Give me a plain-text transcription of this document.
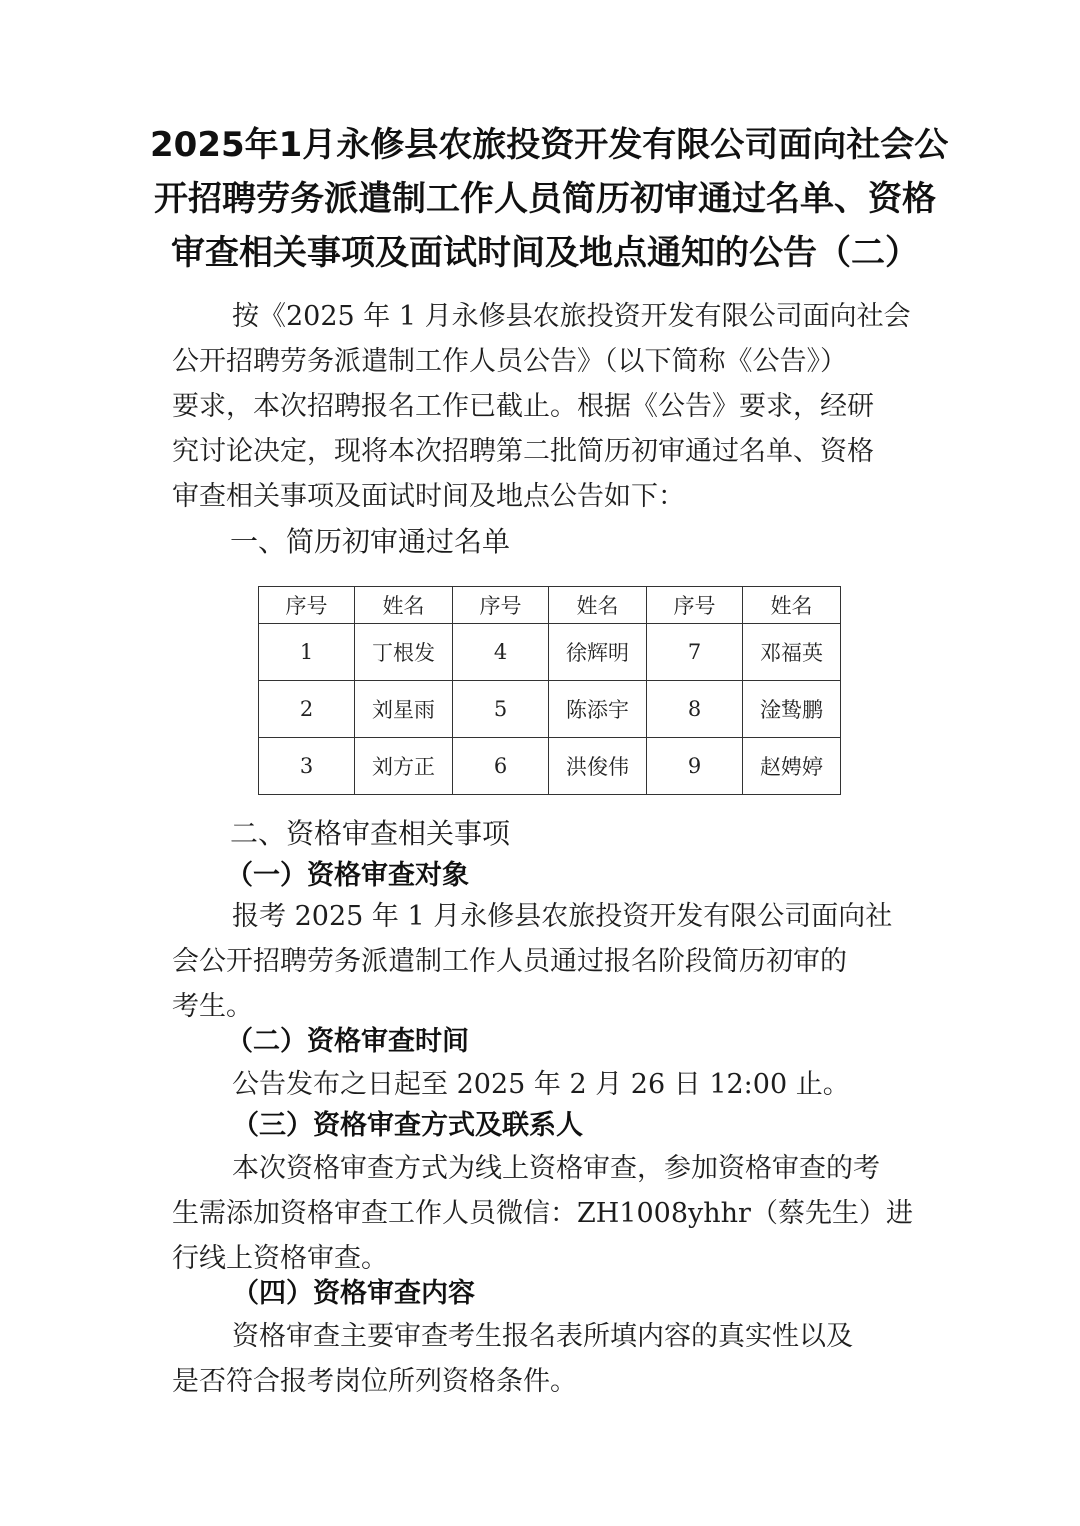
2025年1月永修县农旅投资开发有限公司面向社会公
开招聘劳务派遣制工作人员简历初审通过名单、资格
审查相关事项及面试时间及地点通知的公告（二）
按《2025 年 1 月永修县农旅投资开发有限公司面向社会
公开招聘劳务派遣制工作人员公告》（以下简称《公告》）
要求，本次招聘报名工作已截止。根据《公告》要求，经研
究讨论决定，现将本次招聘第二批简历初审通过名单、资格
审查相关事项及面试时间及地点公告如下：
一、简历初审通过名单
序号	姓名	序号	姓名	序号	姓名
1	丁根发	4	徐辉明	7	邓福英
2	刘星雨	5	陈添宇	8	淦鸷鹏
3	刘方正	6	洪俊伟	9	赵娉婷
二、资格审查相关事项
（一）资格审查对象
报考 2025 年 1 月永修县农旅投资开发有限公司面向社
会公开招聘劳务派遣制工作人员通过报名阶段简历初审的
考生。
（二）资格审查时间
公告发布之日起至 2025 年 2 月 26 日 12:00 止。
（三）资格审查方式及联系人
本次资格审查方式为线上资格审查，参加资格审查的考
生需添加资格审查工作人员微信：ZH1008yhhr（蔡先生）进
行线上资格审查。
（四）资格审查内容
资格审查主要审查考生报名表所填内容的真实性以及
是否符合报考岗位所列资格条件。
